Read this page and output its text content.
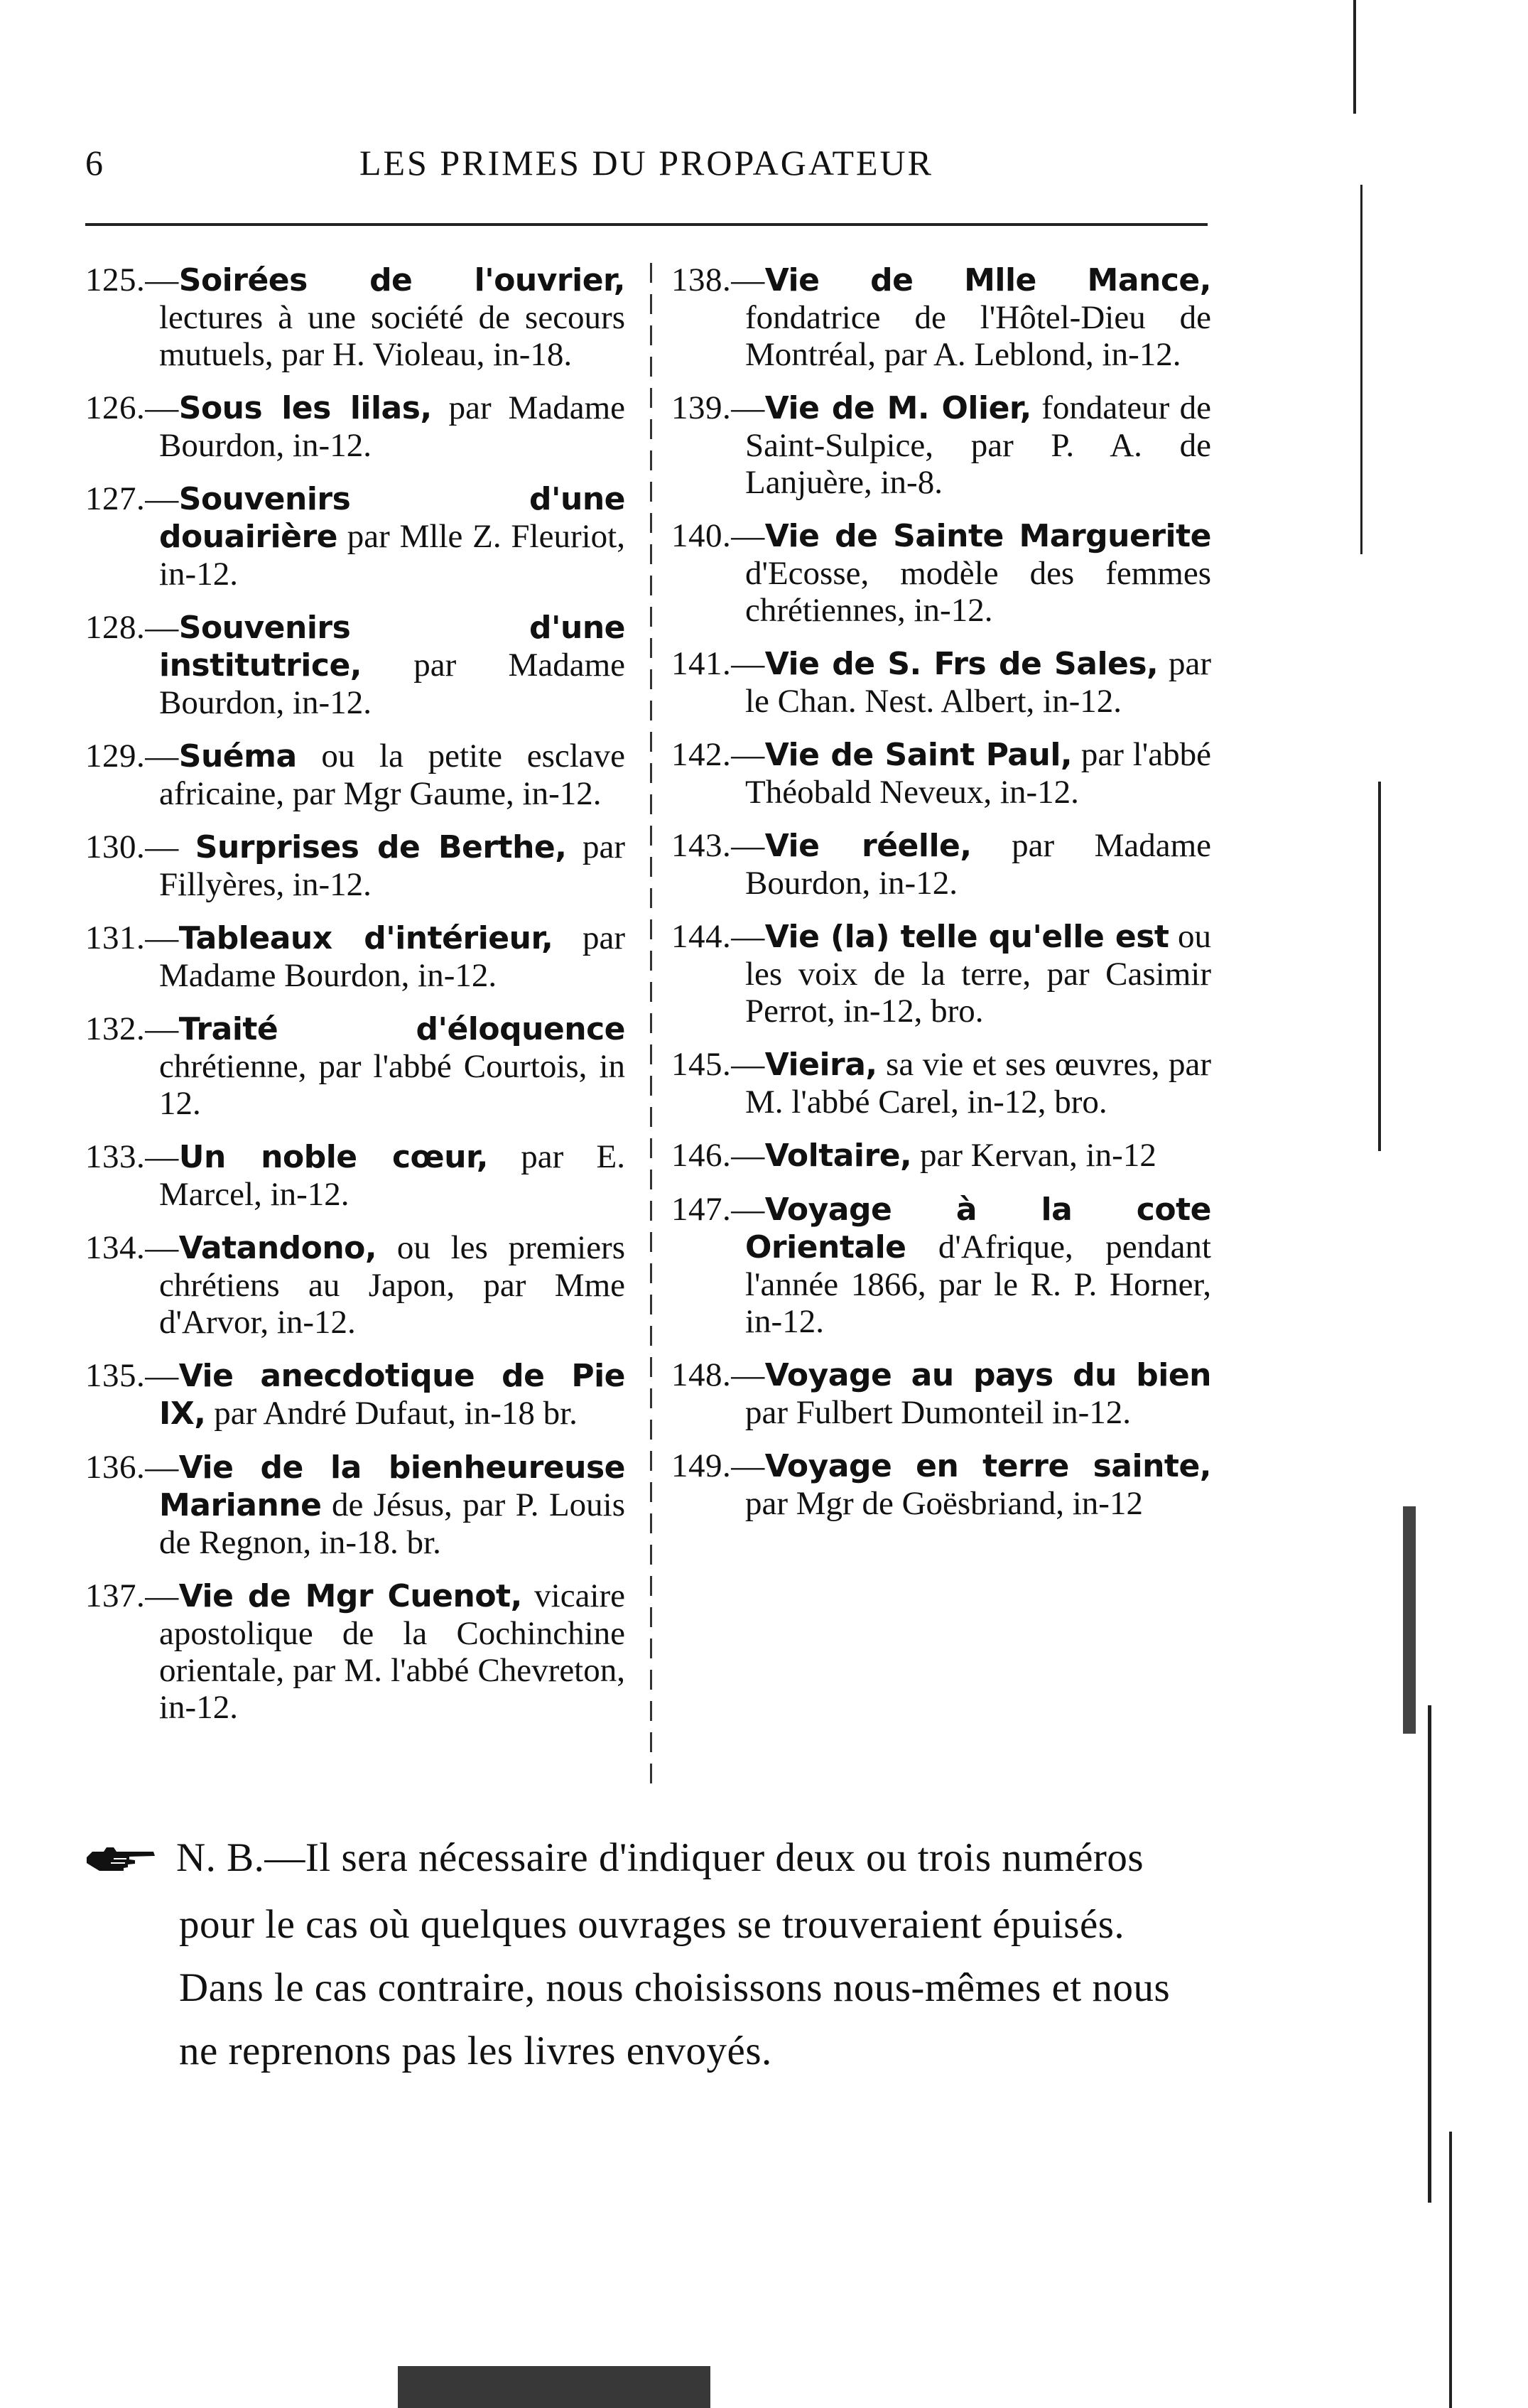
6	LES PRIMES DU PROPAGATEUR
125.—Soirées de l'ouvrier, lectures à une société de secours mutuels, par H. Violeau, in-18.
126.—Sous les lilas, par Madame Bourdon, in-12.
127.—Souvenirs d'une douairière par Mlle Z. Fleuriot, in-12.
128.—Souvenirs d'une institutrice, par Madame Bourdon, in-12.
129.—Suéma ou la petite esclave africaine, par Mgr Gaume, in-12.
130.— Surprises de Berthe, par Fillyères, in-12.
131.—Tableaux d'intérieur, par Madame Bourdon, in-12.
132.—Traité d'éloquence chrétienne, par l'abbé Courtois, in 12.
133.—Un noble cœur, par E. Marcel, in-12.
134.—Vatandono, ou les premiers chrétiens au Japon, par Mme d'Arvor, in-12.
135.—Vie anecdotique de Pie IX, par André Dufaut, in-18 br.
136.—Vie de la bienheureuse Marianne de Jésus, par P. Louis de Regnon, in-18. br.
137.—Vie de Mgr Cuenot, vicaire apostolique de la Cochinchine orientale, par M. l'abbé Chevreton, in-12.
138.—Vie de Mlle Mance, fondatrice de l'Hôtel-Dieu de Montréal, par A. Leblond, in-12.
139.—Vie de M. Olier, fondateur de Saint-Sulpice, par P. A. de Lanjuère, in-8.
140.—Vie de Sainte Marguerite d'Ecosse, modèle des femmes chrétiennes, in-12.
141.—Vie de S. Frs de Sales, par le Chan. Nest. Albert, in-12.
142.—Vie de Saint Paul, par l'abbé Théobald Neveux, in-12.
143.—Vie réelle, par Madame Bourdon, in-12.
144.—Vie (la) telle qu'elle est ou les voix de la terre, par Casimir Perrot, in-12, bro.
145.—Vieira, sa vie et ses œuvres, par M. l'abbé Carel, in-12, bro.
146.—Voltaire, par Kervan, in-12
147.—Voyage à la cote Orientale d'Afrique, pendant l'année 1866, par le R. P. Horner, in-12.
148.—Voyage au pays du bien par Fulbert Dumonteil in-12.
149.—Voyage en terre sainte, par Mgr de Goësbriand, in-12
N. B.—Il sera nécessaire d'indiquer deux ou trois numéros pour le cas où quelques ouvrages se trouveraient épuisés. Dans le cas contraire, nous choisissons nous-mêmes et nous ne reprenons pas les livres envoyés.
